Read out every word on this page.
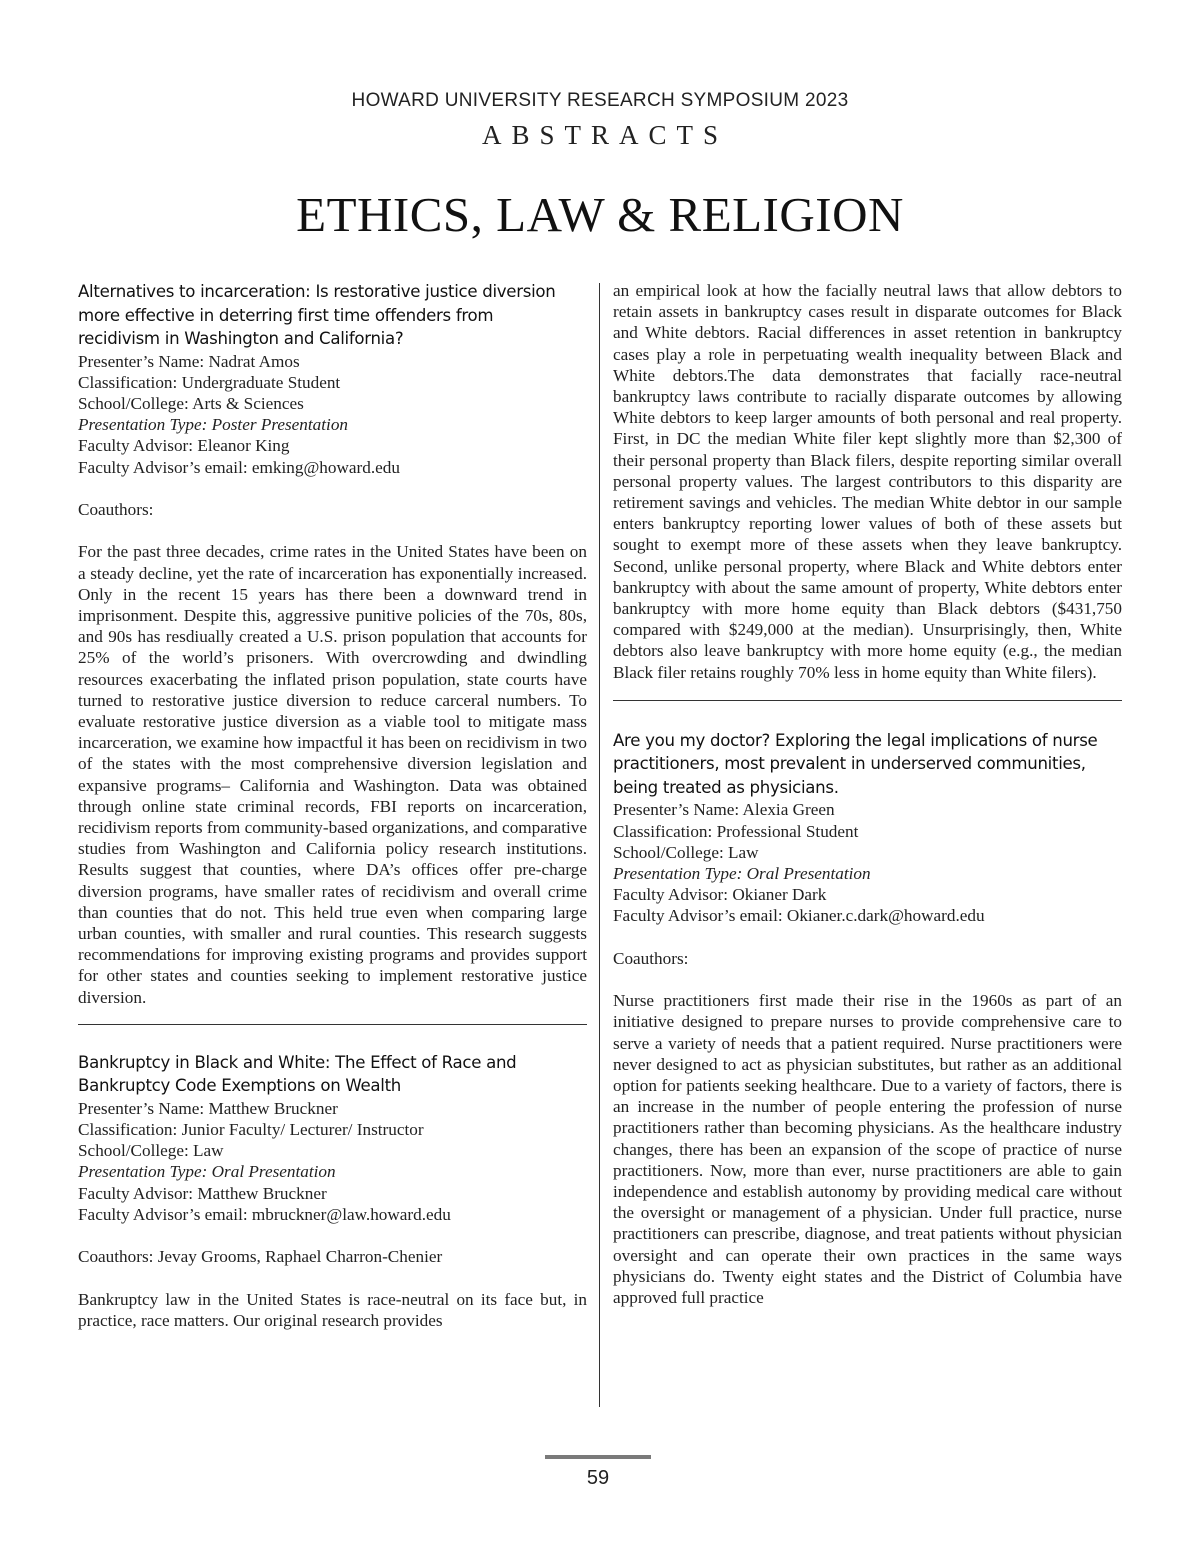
HOWARD UNIVERSITY RESEARCH SYMPOSIUM 2023
ABSTRACTS
ETHICS, LAW & RELIGION
Alternatives to incarceration: Is restorative justice diversion
more effective in deterring first time offenders from
recidivism in Washington and California?
Presenter’s Name: Nadrat Amos
Classification: Undergraduate Student
School/College: Arts & Sciences
Presentation Type: Poster Presentation
Faculty Advisor: Eleanor King
Faculty Advisor’s email: emking@howard.edu
Coauthors:
For the past three decades, crime rates in the United States have been on a steady decline, yet the rate of incarceration has exponentially increased. Only in the recent 15 years has there been a downward trend in imprisonment. Despite this, aggressive punitive policies of the 70s, 80s, and 90s has resdiually created a U.S. prison population that accounts for 25% of the world’s prisoners. With overcrowding and dwindling resources exacerbating the inflated prison population, state courts have turned to restorative justice diversion to reduce carceral numbers. To evaluate restorative justice diversion as a viable tool to mitigate mass incarceration, we examine how impactful it has been on recidivism in two of the states with the most comprehensive diversion legislation and expansive programs– California and Washington. Data was obtained through online state criminal records, FBI reports on incarceration, recidivism reports from community-based organizations, and comparative studies from Washington and California policy research institutions. Results suggest that counties, where DA’s offices offer pre-charge diversion programs, have smaller rates of recidivism and overall crime than counties that do not. This held true even when comparing large urban counties, with smaller and rural counties. This research suggests recommendations for improving existing programs and provides support for other states and counties seeking to implement restorative justice diversion.
Bankruptcy in Black and White: The Effect of Race and
Bankruptcy Code Exemptions on Wealth
Presenter’s Name: Matthew Bruckner
Classification: Junior Faculty/ Lecturer/ Instructor
School/College: Law
Presentation Type: Oral Presentation
Faculty Advisor: Matthew Bruckner
Faculty Advisor’s email: mbruckner@law.howard.edu
Coauthors: Jevay Grooms, Raphael Charron-Chenier
Bankruptcy law in the United States is race-neutral on its face but, in practice, race matters. Our original research provides
an empirical look at how the facially neutral laws that allow debtors to retain assets in bankruptcy cases result in disparate outcomes for Black and White debtors. Racial differences in asset retention in bankruptcy cases play a role in perpetuating wealth inequality between Black and White debtors.The data demonstrates that facially race-neutral bankruptcy laws contribute to racially disparate outcomes by allowing White debtors to keep larger amounts of both personal and real property. First, in DC the median White filer kept slightly more than $2,300 of their personal property than Black filers, despite reporting similar overall personal property values. The largest contributors to this disparity are retirement savings and vehicles. The median White debtor in our sample enters bankruptcy reporting lower values of both of these assets but sought to exempt more of these assets when they leave bankruptcy. Second, unlike personal property, where Black and White debtors enter bankruptcy with about the same amount of property, White debtors enter bankruptcy with more home equity than Black debtors ($431,750 compared with $249,000 at the median). Unsurprisingly, then, White debtors also leave bankruptcy with more home equity (e.g., the median Black filer retains roughly 70% less in home equity than White filers).
Are you my doctor? Exploring the legal implications of nurse
practitioners, most prevalent in underserved communities,
being treated as physicians.
Presenter’s Name: Alexia Green
Classification: Professional Student
School/College: Law
Presentation Type: Oral Presentation
Faculty Advisor: Okianer Dark
Faculty Advisor’s email: Okianer.c.dark@howard.edu
Coauthors:
Nurse practitioners first made their rise in the 1960s as part of an initiative designed to prepare nurses to provide comprehensive care to serve a variety of needs that a patient required. Nurse practitioners were never designed to act as physician substitutes, but rather as an additional option for patients seeking healthcare. Due to a variety of factors, there is an increase in the number of people entering the profession of nurse practitioners rather than becoming physicians. As the healthcare industry changes, there has been an expansion of the scope of practice of nurse practitioners. Now, more than ever, nurse practitioners are able to gain independence and establish autonomy by providing medical care without the oversight or management of a physician. Under full practice, nurse practitioners can prescribe, diagnose, and treat patients without physician oversight and can operate their own practices in the same ways physicians do. Twenty eight states and the District of Columbia have approved full practice
59
